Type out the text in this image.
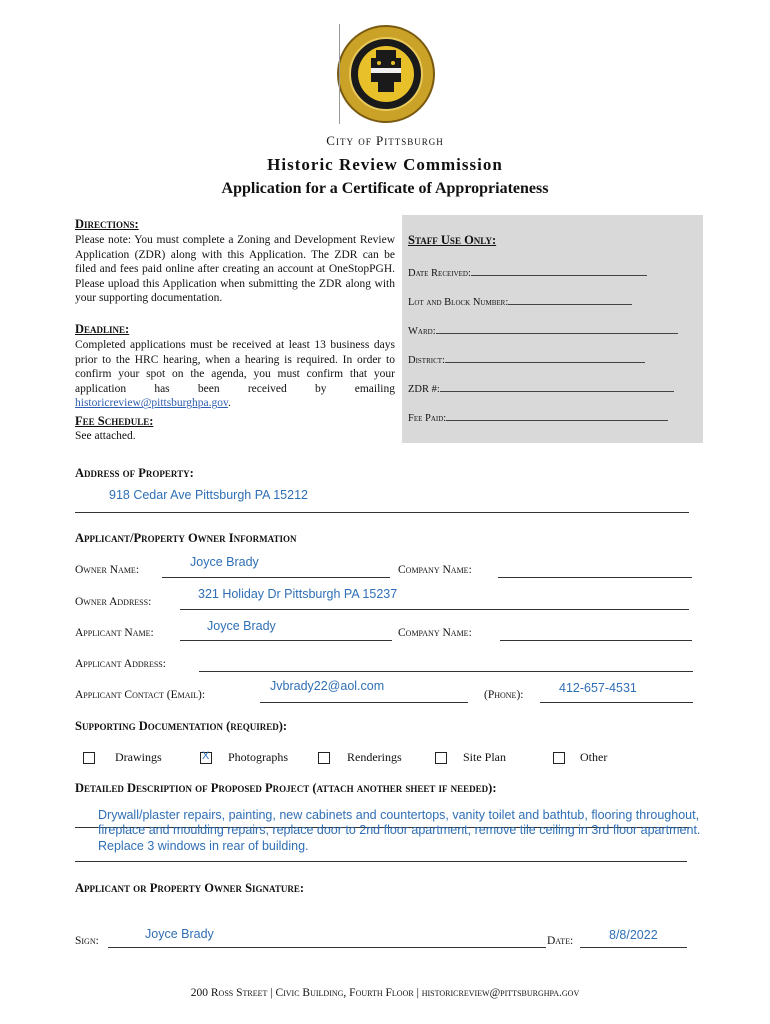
City of Pittsburgh
Historic Review Commission
Application for a Certificate of Appropriateness
Directions:
Please note: You must complete a Zoning and Development Review Application (ZDR) along with this Application. The ZDR can be filed and fees paid online after creating an account at OneStopPGH. Please upload this Application when submitting the ZDR along with your supporting documentation.
Deadline:
Completed applications must be received at least 13 business days prior to the HRC hearing, when a hearing is required. In order to confirm your spot on the agenda, you must confirm that your application has been received by emailing historicreview@pittsburghpa.gov.
Fee Schedule:
See attached.
Staff Use Only:
Date Received:
Lot and Block Number:
Ward:
District:
ZDR #:
Fee Paid:
Address of Property:
918 Cedar Ave Pittsburgh PA 15212
Applicant/Property Owner Information
Owner Name:
Joyce Brady
Company Name:
Owner Address:
321 Holiday Dr Pittsburgh PA 15237
Applicant Name:	Joyce Brady	Company Name:
Applicant Address:
Applicant Contact (Email):
Jvbrady22@aol.com
(Phone):	412-657-4531
Supporting Documentation (required):
Drawings	X Photographs	Renderings	Site Plan	Other
Detailed Description of Proposed Project (attach another sheet if needed):
Drywall/plaster repairs, painting, new cabinets and countertops, vanity toilet and bathtub, flooring throughout,
fireplace and moulding repairs, replace door to 2nd floor apartment, remove tile ceiling in 3rd floor apartment.
Replace 3 windows in rear of building.
Applicant or Property Owner Signature:
Sign:	Joyce Brady	Date:	8/8/2022
200 Ross Street | Civic Building, Fourth Floor | historicreview@pittsburghpa.gov
